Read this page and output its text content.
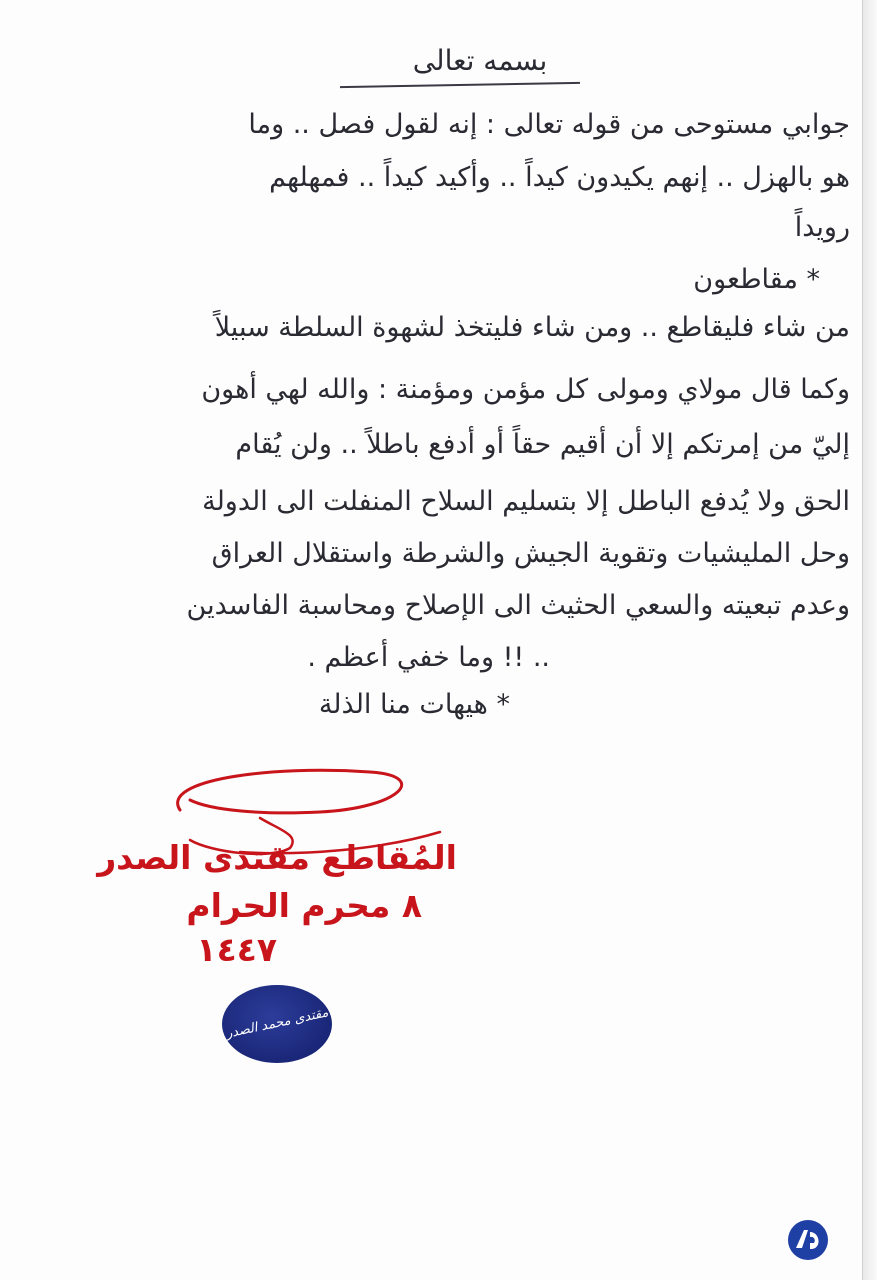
بسمه تعالى
جوابي مستوحى من قوله تعالى : إنه لقول فصل .. وما
هو بالهزل .. إنهم يكيدون كيداً .. وأكيد كيداً .. فمهلهم
رويداً
* مقاطعون
من شاء فليقاطع .. ومن شاء فليتخذ لشهوة السلطة سبيلاً
وكما قال مولاي ومولى كل مؤمن ومؤمنة : والله لهي أهون
إليّ من إمرتكم إلا أن أقيم حقاً أو أدفع باطلاً .. ولن يُقام
الحق ولا يُدفع الباطل إلا بتسليم السلاح المنفلت الى الدولة
وحل المليشيات وتقوية الجيش والشرطة واستقلال العراق
وعدم تبعيته والسعي الحثيث الى الإصلاح ومحاسبة الفاسدين
.. !! وما خفي أعظم .
* هيهات منا الذلة
المُقاطع مقتدى الصدر
٨ محرم الحرام
١٤٤٧
مقتدى محمد الصدر
